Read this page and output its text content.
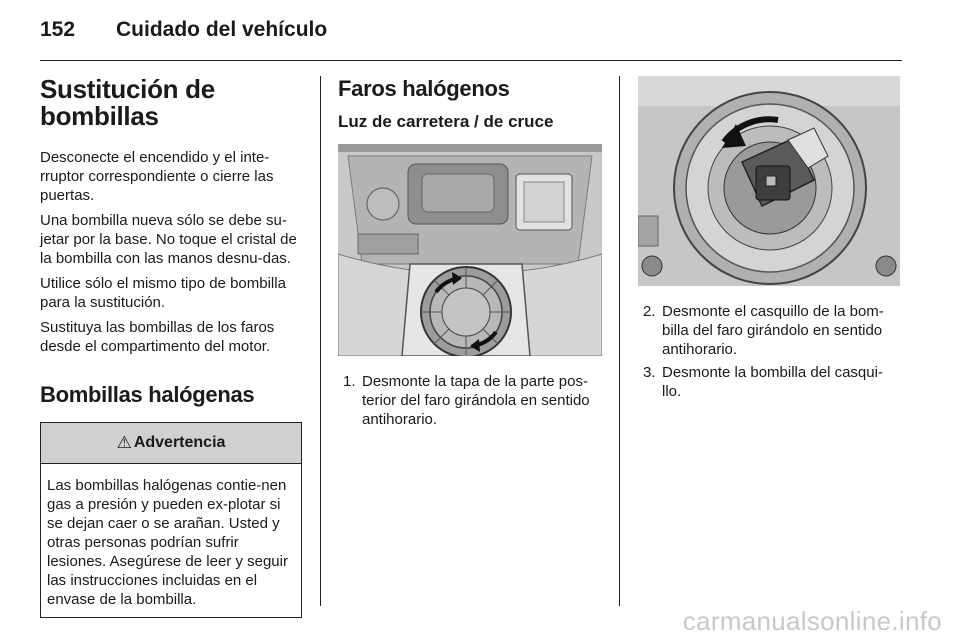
152 Cuidado del vehículo
Sustitución de bombillas

Desconecte el encendido y el inte-rruptor correspondiente o cierre las puertas.

Una bombilla nueva sólo se debe su-jetar por la base. No toque el cristal de la bombilla con las manos desnu-das.

Utilice sólo el mismo tipo de bombilla para la sustitución.

Sustituya las bombillas de los faros desde el compartimento del motor.

Bombillas halógenas
⚠ Advertencia
Las bombillas halógenas contie-nen gas a presión y pueden ex-plotar si se dejan caer o se arañan. Usted y otras personas podrían sufrir lesiones. Asegúrese de leer y seguir las instrucciones incluidas en el envase de la bombilla.
Faros halógenos
Luz de carretera / de cruce
1. Desmonte la tapa de la parte pos-terior del faro girándola en sentido antihorario.
2. Desmonte el casquillo de la bom-billa del faro girándolo en sentido antihorario.
3. Desmonte la bombilla del casqui-llo.
carmanualsonline.info
